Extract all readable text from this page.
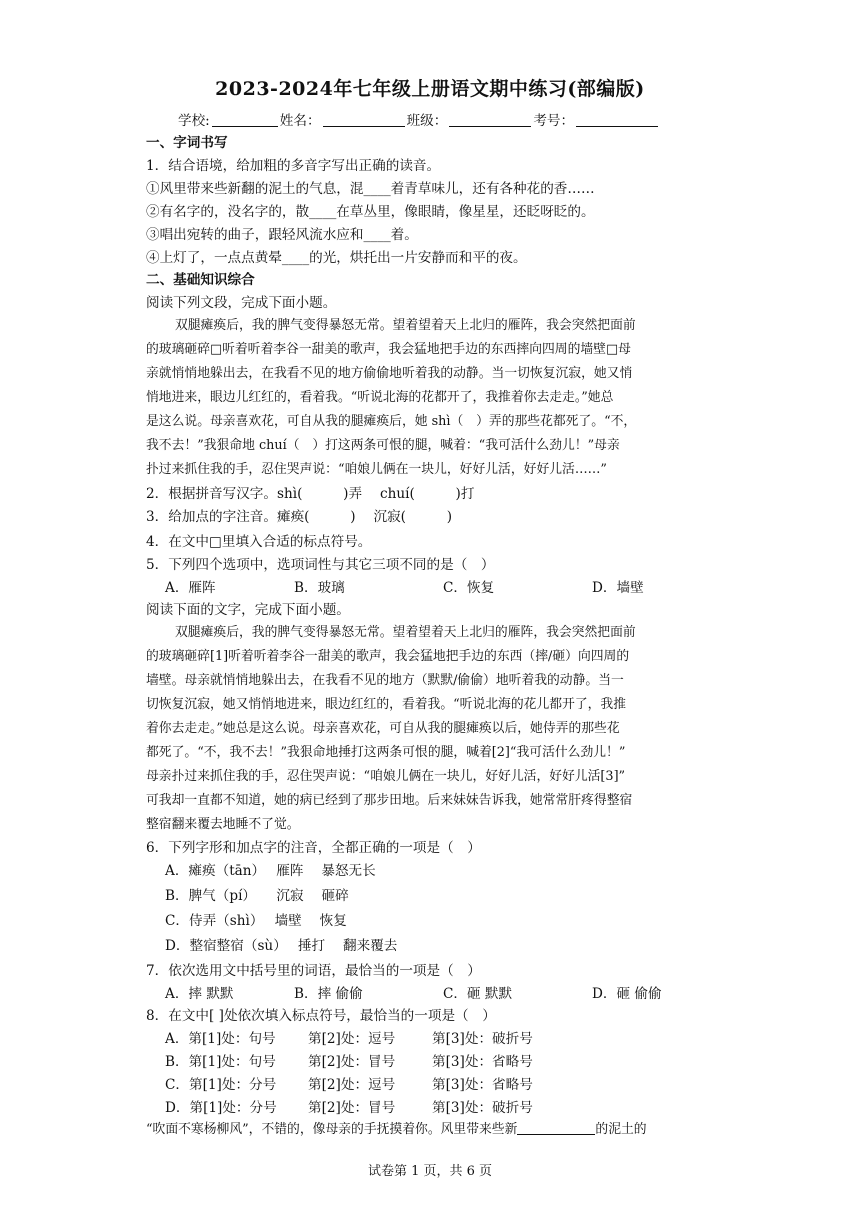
2023-2024年七年级上册语文期中练习(部编版)
学校:	姓名：	班级：	考号：
一、字词书写
1．结合语境，给加粗的多音字写出正确的读音。
①风里带来些新翻的泥土的气息，混____着青草味儿，还有各种花的香……
②有名字的，没名字的，散____在草丛里，像眼睛，像星星，还眨呀眨的。
③唱出宛转的曲子，跟轻风流水应和____着。
④上灯了，一点点黄晕____的光，烘托出一片安静而和平的夜。
二、基础知识综合
阅读下列文段，完成下面小题。
双腿瘫痪后，我的脾气变得暴怒无常。望着望着天上北归的雁阵，我会突然把面前
的玻璃砸碎□听着听着李谷一甜美的歌声，我会猛地把手边的东西摔向四周的墙壁□母
亲就悄悄地躲出去，在我看不见的地方偷偷地听着我的动静。当一切恢复沉寂，她又悄
悄地进来，眼边儿红红的，看着我。“听说北海的花都开了，我推着你去走走。”她总
是这么说。母亲喜欢花，可自从我的腿瘫痪后，她 shì（　）弄的那些花都死了。“不，
我不去！”我狠命地 chuí（　）打这两条可恨的腿，喊着：“我可活什么劲儿！”母亲
扑过来抓住我的手，忍住哭声说：“咱娘儿俩在一块儿，好好儿活，好好儿活……”
2．根据拼音写汉字。shì(　　　)弄　 chuí(　　　)打
3．给加点的字注音。瘫痪(　　　)　 沉寂(　　　)
4．在文中□里填入合适的标点符号。
5．下列四个选项中，选项词性与其它三项不同的是（　）
A．雁阵	B．玻璃	C．恢复	D．墙壁
阅读下面的文字，完成下面小题。
双腿瘫痪后，我的脾气变得暴怒无常。望着望着天上北归的雁阵，我会突然把面前
的玻璃砸碎[1]听着听着李谷一甜美的歌声，我会猛地把手边的东西（摔/砸）向四周的
墙壁。母亲就悄悄地躲出去，在我看不见的地方（默默/偷偷）地听着我的动静。当一
切恢复沉寂，她又悄悄地进来，眼边红红的，看着我。“听说北海的花儿都开了，我推
着你去走走。”她总是这么说。母亲喜欢花，可自从我的腿瘫痪以后，她侍弄的那些花
都死了。“不，我不去！”我狠命地捶打这两条可恨的腿，喊着[2]“我可活什么劲儿！”
母亲扑过来抓住我的手，忍住哭声说：“咱娘儿俩在一块儿，好好儿活，好好儿活[3]”
可我却一直都不知道，她的病已经到了那步田地。后来妹妹告诉我，她常常肝疼得整宿
整宿翻来覆去地睡不了觉。
6．下列字形和加点字的注音，全都正确的一项是（　）
A．瘫痪（tān）　 雁阵　 暴怒无长
B．脾气（pí）　　沉寂　 砸碎
C．侍弄（shì）　 墙壁　 恢复
D．整宿整宿（sù）　 捶打　 翻来覆去
7．依次选用文中括号里的词语，最恰当的一项是（　）
A．摔 默默	B．摔 偷偷	C．砸 默默	D．砸 偷偷
8．在文中[ ]处依次填入标点符号，最恰当的一项是（　）
A．第[1]处：句号 第[2]处：逗号	第[3]处：破折号
B．第[1]处：句号 第[2]处：冒号	第[3]处：省略号
C．第[1]处：分号 第[2]处：逗号	第[3]处：省略号
D．第[1]处：分号 第[2]处：冒号	第[3]处：破折号
“吹面不寒杨柳风”，不错的，像母亲的手抚摸着你。风里带来些新	的泥土的
试卷第 1 页，共 6 页
